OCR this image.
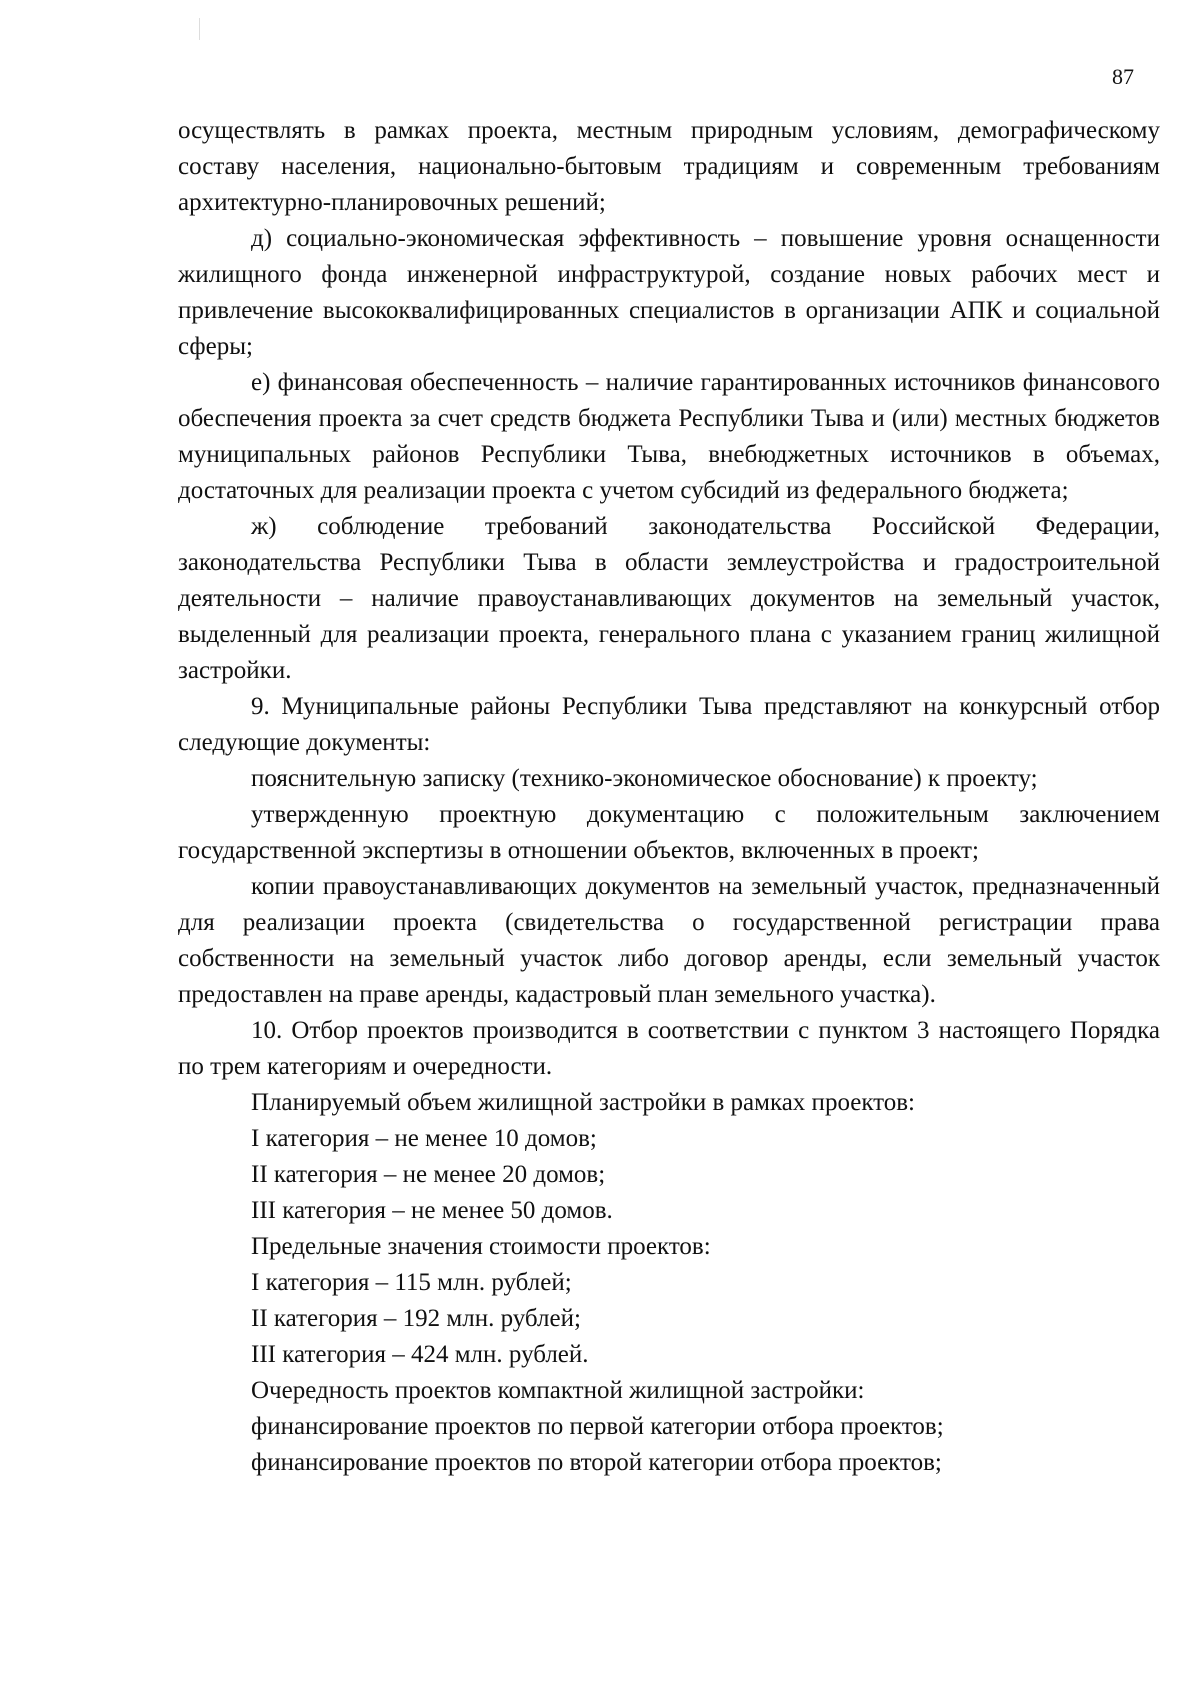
87

осуществлять в рамках проекта, местным природным условиям, демографическому составу населения, национально-бытовым традициям и современным требованиям архитектурно-планировочных решений;

д) социально-экономическая эффективность – повышение уровня оснащенности жилищного фонда инженерной инфраструктурой, создание новых рабочих мест и привлечение высококвалифицированных специалистов в организации АПК и социальной сферы;

е) финансовая обеспеченность – наличие гарантированных источников финансового обеспечения проекта за счет средств бюджета Республики Тыва и (или) местных бюджетов муниципальных районов Республики Тыва, внебюджетных источников в объемах, достаточных для реализации проекта с учетом субсидий из федерального бюджета;

ж) соблюдение требований законодательства Российской Федерации, законодательства Республики Тыва в области землеустройства и градостроительной деятельности – наличие правоустанавливающих документов на земельный участок, выделенный для реализации проекта, генерального плана с указанием границ жилищной застройки.

9. Муниципальные районы Республики Тыва представляют на конкурсный отбор следующие документы:

пояснительную записку (технико-экономическое обоснование) к проекту;

утвержденную проектную документацию с положительным заключением государственной экспертизы в отношении объектов, включенных в проект;

копии правоустанавливающих документов на земельный участок, предназначенный для реализации проекта (свидетельства о государственной регистрации права собственности на земельный участок либо договор аренды, если земельный участок предоставлен на праве аренды, кадастровый план земельного участка).

10. Отбор проектов производится в соответствии с пунктом 3 настоящего Порядка по трем категориям и очередности.

Планируемый объем жилищной застройки в рамках проектов:

I категория – не менее 10 домов;

II категория – не менее 20 домов;

III категория – не менее 50 домов.

Предельные значения стоимости проектов:

I категория – 115 млн. рублей;

II категория – 192 млн. рублей;

III категория – 424 млн. рублей.

Очередность проектов компактной жилищной застройки:

финансирование проектов по первой категории отбора проектов;

финансирование проектов по второй категории отбора проектов;
